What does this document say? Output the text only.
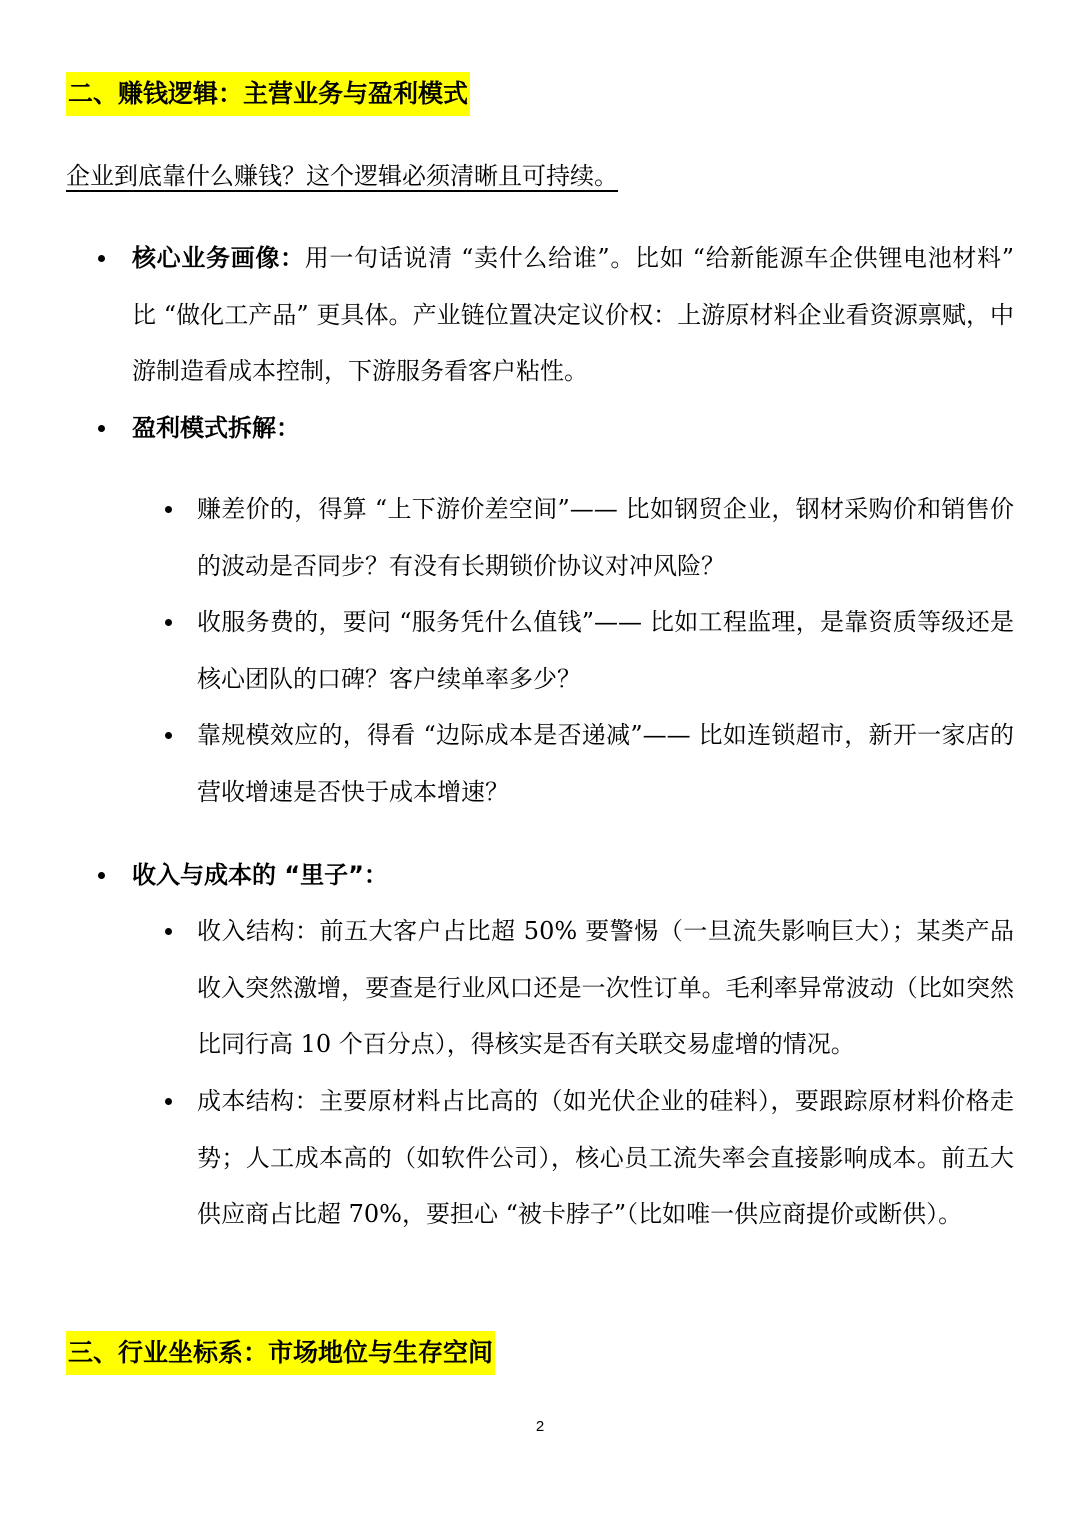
二、赚钱逻辑：主营业务与盈利模式
企业到底靠什么赚钱？这个逻辑必须清晰且可持续。
核心业务画像：用一句话说清 “卖什么给谁”。比如 “给新能源车企供锂电池材料” 比 “做化工产品” 更具体。产业链位置决定议价权：上游原材料企业看资源禀赋，中游制造看成本控制，下游服务看客户粘性。
盈利模式拆解：
赚差价的，得算 “上下游价差空间”—— 比如钢贸企业，钢材采购价和销售价的波动是否同步？有没有长期锁价协议对冲风险？
收服务费的，要问 “服务凭什么值钱”—— 比如工程监理，是靠资质等级还是核心团队的口碑？客户续单率多少？
靠规模效应的，得看 “边际成本是否递减”—— 比如连锁超市，新开一家店的营收增速是否快于成本增速？
收入与成本的 “里子”：
收入结构：前五大客户占比超 50% 要警惕（一旦流失影响巨大）；某类产品收入突然激增，要查是行业风口还是一次性订单。毛利率异常波动（比如突然比同行高 10 个百分点），得核实是否有关联交易虚增的情况。
成本结构：主要原材料占比高的（如光伏企业的硅料），要跟踪原材料价格走势；人工成本高的（如软件公司），核心员工流失率会直接影响成本。前五大供应商占比超 70%，要担心 “被卡脖子”（比如唯一供应商提价或断供）。
三、行业坐标系：市场地位与生存空间
2
